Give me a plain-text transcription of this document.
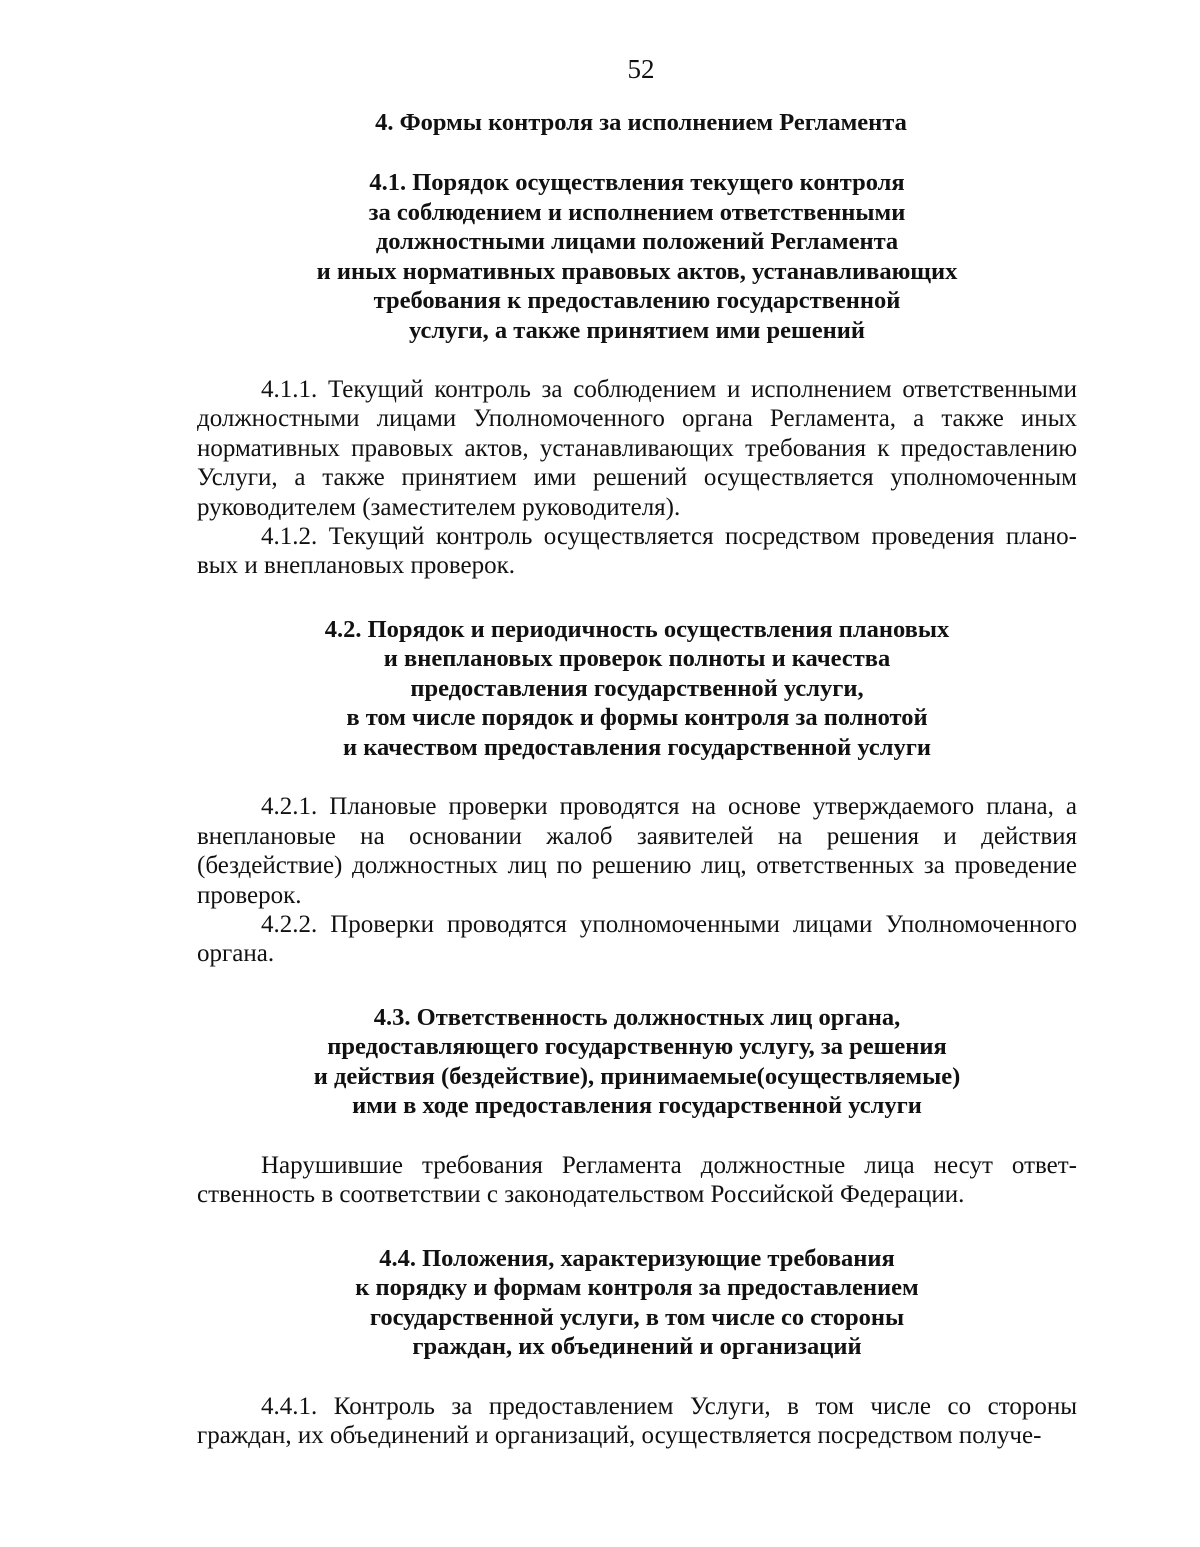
52
4. Формы контроля за исполнением Регламента
4.1. Порядок осуществления текущего контроля
за соблюдением и исполнением ответственными
должностными лицами положений Регламента
и иных нормативных правовых актов, устанавливающих
требования к предоставлению государственной
услуги, а также принятием ими решений

4.1.1. Текущий контроль за соблюдением и исполнением ответственными должностными лицами Уполномоченного органа Регламента, а также иных нормативных правовых актов, устанавливающих требования к предоставлению Услуги, а также принятием ими решений осуществляется уполномоченным руководителем (заместителем руководителя).

4.1.2. Текущий контроль осуществляется посредством проведения плановых и внеплановых проверок.

4.2. Порядок и периодичность осуществления плановых
и внеплановых проверок полноты и качества
предоставления государственной услуги,
в том числе порядок и формы контроля за полнотой
и качеством предоставления государственной услуги

4.2.1. Плановые проверки проводятся на основе утверждаемого плана, а внеплановые на основании жалоб заявителей на решения и действия (бездействие) должностных лиц по решению лиц, ответственных за проведение проверок.

4.2.2. Проверки проводятся уполномоченными лицами Уполномоченного органа.

4.3. Ответственность должностных лиц органа,
предоставляющего государственную услугу, за решения
и действия (бездействие), принимаемые(осуществляемые)
ими в ходе предоставления государственной услуги

Нарушившие требования Регламента должностные лица несут ответственность в соответствии с законодательством Российской Федерации.

4.4. Положения, характеризующие требования
к порядку и формам контроля за предоставлением
государственной услуги, в том числе со стороны
граждан, их объединений и организаций

4.4.1. Контроль за предоставлением Услуги, в том числе со стороны граждан, их объединений и организаций, осуществляется посредством получе-
